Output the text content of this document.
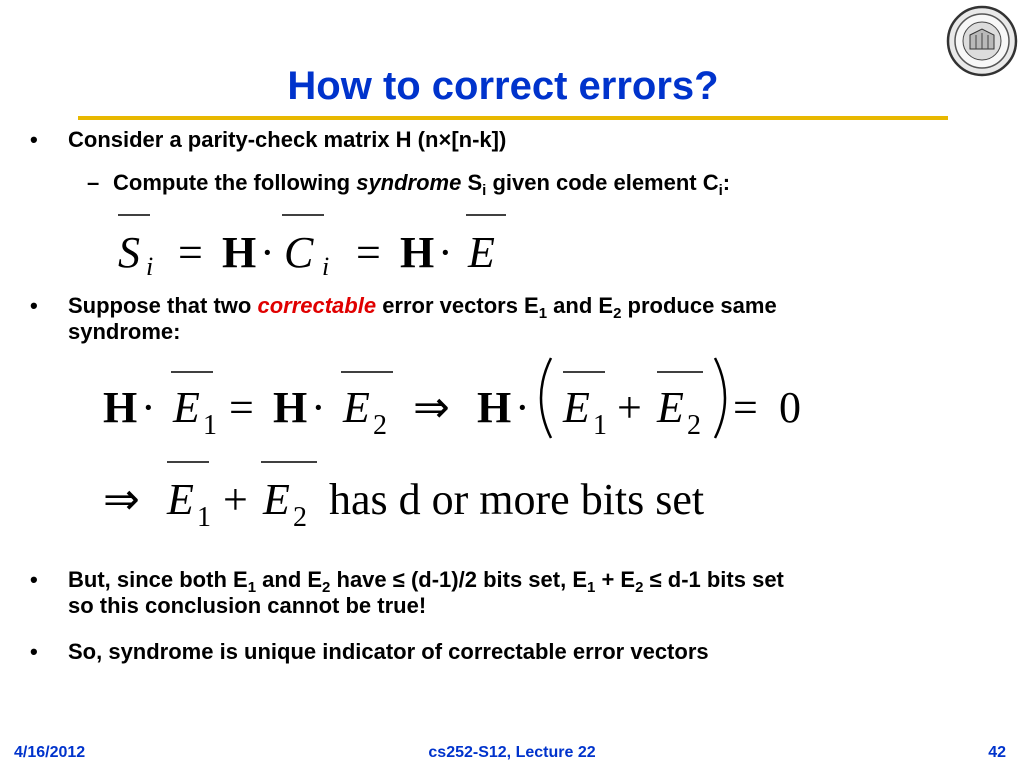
How to correct errors?
• Consider a parity-check matrix H (n×[n-k])
– Compute the following syndrome $S_i$ given code element $C_i$:
S i = H · C i = H · E
• Suppose that two correctable error vectors $E_1$ and $E_2$ produce same
syndrome:
H · E 1 = H · E 2 ⇒ H · E 1 + E 2 = 0
⇒ E 1 + E 2 has d or more bits set
• But, since both $E_1$ and $E_2$ have ≤ (d-1)/2 bits set, $E_1 + E_2 \le d-1$ bits set
so this conclusion cannot be true!
• So, syndrome is unique indicator of correctable error vectors
4/16/2012	cs252-S12, Lecture 22	42
